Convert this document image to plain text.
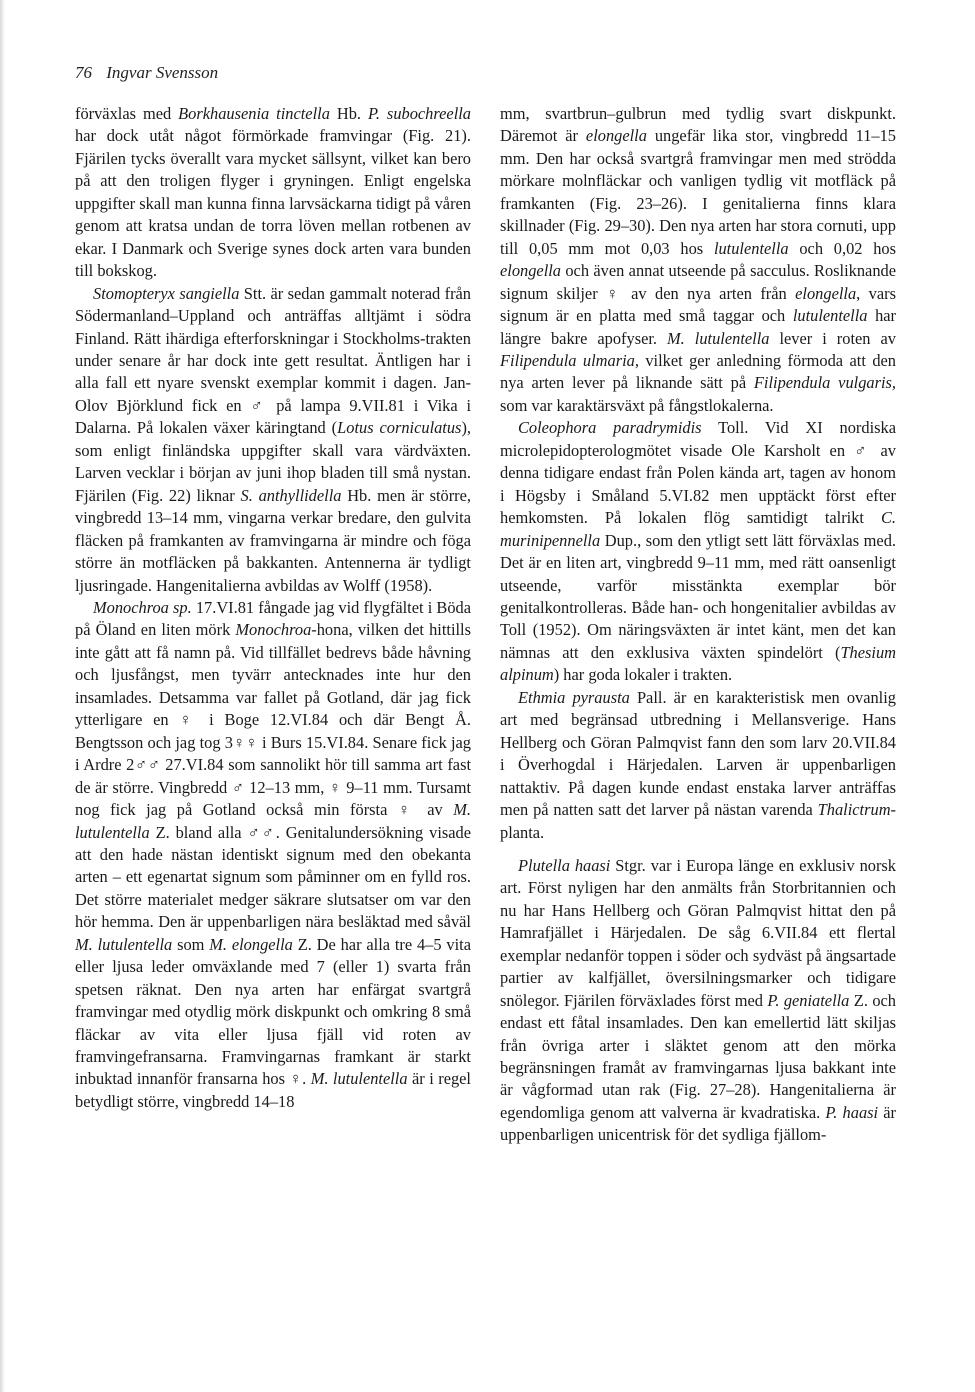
76 Ingvar Svensson

förväxlas med Borkhausenia tinctella Hb. P. subochreella har dock utåt något förmörkade framvingar (Fig. 21). Fjärilen tycks överallt vara mycket sällsynt, vilket kan bero på att den troligen flyger i gryningen. Enligt engelska uppgifter skall man kunna finna larvsäckarna tidigt på våren genom att kratsa undan de torra löven mellan rotbenen av ekar. I Danmark och Sverige synes dock arten vara bunden till bokskog.

Stomopteryx sangiella Stt. är sedan gammalt noterad från Södermanland–Uppland och anträffas alltjämt i södra Finland. Rätt ihärdiga efterforskningar i Stockholms-trakten under senare år har dock inte gett resultat. Äntligen har i alla fall ett nyare svenskt exemplar kommit i dagen. Jan-Olov Björklund fick en ♂ på lampa 9.VII.81 i Vika i Dalarna. På lokalen växer käringtand (Lotus corniculatus), som enligt finländska uppgifter skall vara värdväxten. Larven vecklar i början av juni ihop bladen till små nystan. Fjärilen (Fig. 22) liknar S. anthyllidella Hb. men är större, vingbredd 13–14 mm, vingarna verkar bredare, den gulvita fläcken på framkanten av framvingarna är mindre och föga större än motfläcken på bakkanten. Antennerna är tydligt ljusringade. Hangenitalierna avbildas av Wolff (1958).

Monochroa sp. 17.VI.81 fångade jag vid flygfältet i Böda på Öland en liten mörk Monochroa-hona, vilken det hittills inte gått att få namn på. Vid tillfället bedrevs både håvning och ljusfångst, men tyvärr antecknades inte hur den insamlades. Detsamma var fallet på Gotland, där jag fick ytterligare en ♀ i Boge 12.VI.84 och där Bengt Å. Bengtsson och jag tog 3♀♀ i Burs 15.VI.84. Senare fick jag i Ardre 2♂♂ 27.VI.84 som sannolikt hör till samma art fast de är större. Vingbredd ♂ 12–13 mm, ♀ 9–11 mm. Tursamt nog fick jag på Gotland också min första ♀ av M. lutulentella Z. bland alla ♂♂. Genitalundersökning visade att den hade nästan identiskt signum med den obekanta arten – ett egenartat signum som påminner om en fylld ros. Det större materialet medger säkrare slutsatser om var den hör hemma. Den är uppenbarligen nära besläktad med såväl M. lutulentella som M. elongella Z. De har alla tre 4–5 vita eller ljusa leder omväxlande med 7 (eller 1) svarta från spetsen räknat. Den nya arten har enfärgat svartgrå framvingar med otydlig mörk diskpunkt och omkring 8 små fläckar av vita eller ljusa fjäll vid roten av framvingefransarna. Framvingarnas framkant är starkt inbuktad innanför fransarna hos ♀. M. lutulentella är i regel betydligt större, vingbredd 14–18

mm, svartbrun–gulbrun med tydlig svart diskpunkt. Däremot är elongella ungefär lika stor, vingbredd 11–15 mm. Den har också svartgrå framvingar men med strödda mörkare molnfläckar och vanligen tydlig vit motfläck på framkanten (Fig. 23–26). I genitalierna finns klara skillnader (Fig. 29–30). Den nya arten har stora cornuti, upp till 0,05 mm mot 0,03 hos lutulentella och 0,02 hos elongella och även annat utseende på sacculus. Rosliknande signum skiljer ♀ av den nya arten från elongella, vars signum är en platta med små taggar och lutulentella har längre bakre apofyser. M. lutulentella lever i roten av Filipendula ulmaria, vilket ger anledning förmoda att den nya arten lever på liknande sätt på Filipendula vulgaris, som var karaktärsväxt på fångstlokalerna.

Coleophora paradrymidis Toll. Vid XI nordiska microlepidopterologmötet visade Ole Karsholt en ♂ av denna tidigare endast från Polen kända art, tagen av honom i Högsby i Småland 5.VI.82 men upptäckt först efter hemkomsten. På lokalen flög samtidigt talrikt C. murinipennella Dup., som den ytligt sett lätt förväxlas med. Det är en liten art, vingbredd 9–11 mm, med rätt oansenligt utseende, varför misstänkta exemplar bör genitalkontrolleras. Både han- och hongenitalier avbildas av Toll (1952). Om näringsväxten är intet känt, men det kan nämnas att den exklusiva växten spindelört (Thesium alpinum) har goda lokaler i trakten.

Ethmia pyrausta Pall. är en karakteristisk men ovanlig art med begränsad utbredning i Mellansverige. Hans Hellberg och Göran Palmqvist fann den som larv 20.VII.84 i Överhogdal i Härjedalen. Larven är uppenbarligen nattaktiv. På dagen kunde endast enstaka larver anträffas men på natten satt det larver på nästan varenda Thalictrum-planta.

Plutella haasi Stgr. var i Europa länge en exklusiv norsk art. Först nyligen har den anmälts från Storbritannien och nu har Hans Hellberg och Göran Palmqvist hittat den på Hamrafjället i Härjedalen. De såg 6.VII.84 ett flertal exemplar nedanför toppen i söder och sydväst på ängsartade partier av kalfjället, översilningsmarker och tidigare snölegor. Fjärilen förväxlades först med P. geniatella Z. och endast ett fåtal insamlades. Den kan emellertid lätt skiljas från övriga arter i släktet genom att den mörka begränsningen framåt av framvingarnas ljusa bakkant inte är vågformad utan rak (Fig. 27–28). Hangenitalierna är egendomliga genom att valverna är kvadratiska. P. haasi är uppenbarligen unicentrisk för det sydliga fjällom-
